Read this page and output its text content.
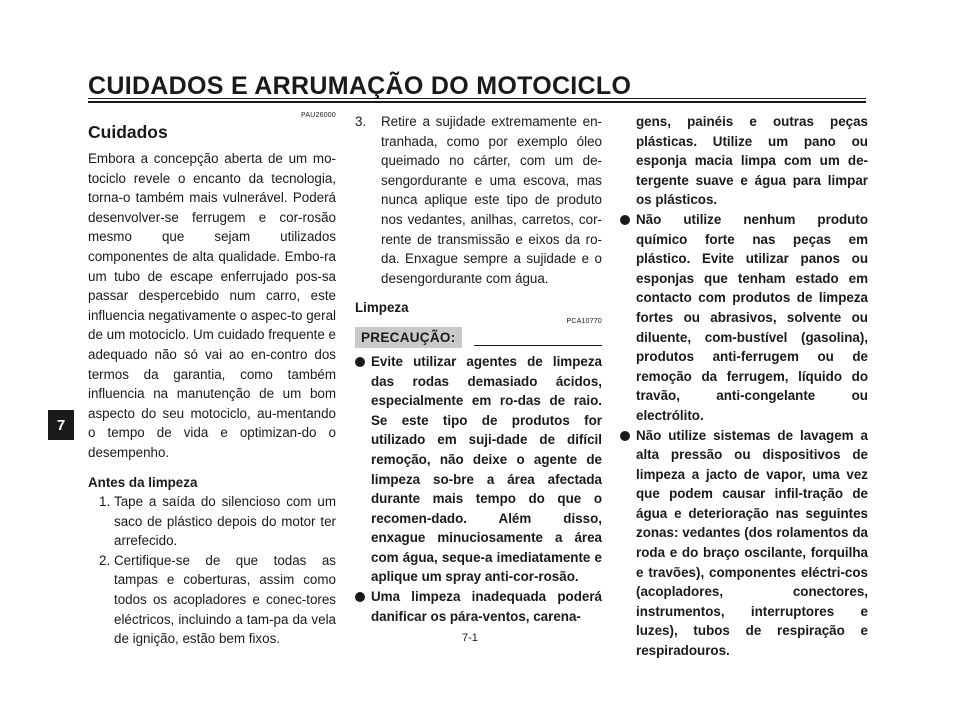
CUIDADOS E ARRUMAÇÃO DO MOTOCICLO
7
PAU26000
Cuidados

Embora a concepção aberta de um mo-tociclo revele o encanto da tecnologia, torna-o também mais vulnerável. Poderá desenvolver-se ferrugem e cor-rosão mesmo que sejam utilizados componentes de alta qualidade. Embo-ra um tubo de escape enferrujado pos-sa passar despercebido num carro, este influencia negativamente o aspec-to geral de um motociclo. Um cuidado frequente e adequado não só vai ao en-contro dos termos da garantia, como também influencia na manutenção de um bom aspecto do seu motociclo, au-mentando o tempo de vida e optimizan-do o desempenho.

Antes da limpeza
1. Tape a saída do silencioso com um saco de plástico depois do motor ter arrefecido.
2. Certifique-se de que todas as tampas e coberturas, assim como todos os acopladores e conec-tores eléctricos, incluindo a tam-pa da vela de ignição, estão bem fixos.
3.	Retire a sujidade extremamente en-tranhada, como por exemplo óleo queimado no cárter, com um de-sengordurante e uma escova, mas nunca aplique este tipo de produto nos vedantes, anilhas, carretos, cor-rente de transmissão e eixos da ro-da. Enxague sempre a sujidade e o desengordurante com água.
Limpeza
PCA10770
PRECAUÇÃO:
Evite utilizar agentes de limpeza das rodas demasiado ácidos, especialmente em ro-das de raio. Se este tipo de produtos for utilizado em suji-dade de difícil remoção, não deixe o agente de limpeza so-bre a área afectada durante mais tempo do que o recomen-dado. Além disso, enxague minuciosamente a área com água, seque-a imediatamente e aplique um spray anti-cor-rosão.
Uma limpeza inadequada poderá danificar os pára-ventos, carena-
gens, painéis e outras peças plásticas. Utilize um pano ou esponja macia limpa com um de-tergente suave e água para limpar os plásticos.
Não utilize nenhum produto químico forte nas peças em plástico. Evite utilizar panos ou esponjas que tenham estado em contacto com produtos de limpeza fortes ou abrasivos, solvente ou diluente, com-bustível (gasolina), produtos anti-ferrugem ou de remoção da ferrugem, líquido do travão, anti-congelante ou electrólito.
Não utilize sistemas de lavagem a alta pressão ou dispositivos de limpeza a jacto de vapor, uma vez que podem causar infil-tração de água e deterioração nas seguintes zonas: vedantes (dos rolamentos da roda e do braço oscilante, forquilha e travões), componentes eléctri-cos (acopladores, conectores, instrumentos, interruptores e luzes), tubos de respiração e respiradouros.
7-1
